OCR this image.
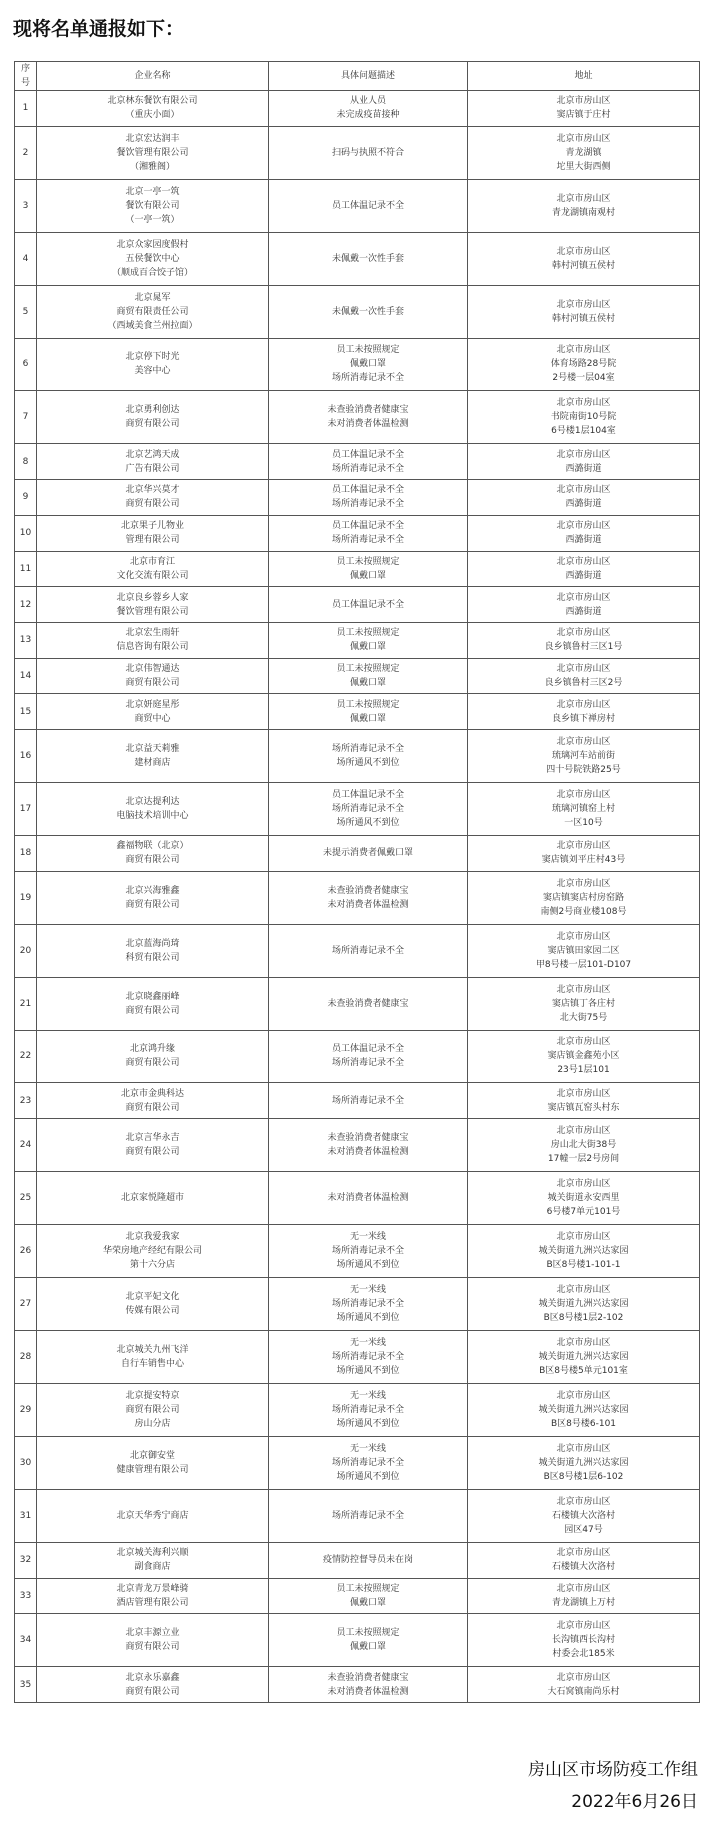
现将名单通报如下：
序号	企业名称	具体问题描述	地址
1	北京林东餐饮有限公司
（重庆小面）	从业人员
未完成疫苗接种	北京市房山区
窦店镇于庄村
2	北京宏达润丰
餐饮管理有限公司
（湘雅阁）	扫码与执照不符合	北京市房山区
青龙湖镇
坨里大街西侧
3	北京一亭一筑
餐饮有限公司
（一亭一筑）	员工体温记录不全	北京市房山区
青龙湖镇南观村
4	北京众家园度假村
五侯餐饮中心
（顺成百合饺子馆）	未佩戴一次性手套	北京市房山区
韩村河镇五侯村
5	北京晁军
商贸有限责任公司
（西域美食兰州拉面）	未佩戴一次性手套	北京市房山区
韩村河镇五侯村
6	北京停下时光
美容中心	员工未按照规定
佩戴口罩
场所消毒记录不全	北京市房山区
体育场路28号院
2号楼一层04室
7	北京勇利创达
商贸有限公司	未查验消费者健康宝
未对消费者体温检测	北京市房山区
书院南街10号院
6号楼1层104室
8	北京艺鸿天成
广告有限公司	员工体温记录不全
场所消毒记录不全	北京市房山区
西潞街道
9	北京华兴莫才
商贸有限公司	员工体温记录不全
场所消毒记录不全	北京市房山区
西潞街道
10	北京果子儿物业
管理有限公司	员工体温记录不全
场所消毒记录不全	北京市房山区
西潞街道
11	北京市育江
文化交流有限公司	员工未按照规定
佩戴口罩	北京市房山区
西潞街道
12	北京良乡蓉乡人家
餐饮管理有限公司	员工体温记录不全	北京市房山区
西潞街道
13	北京宏生雨轩
信息咨询有限公司	员工未按照规定
佩戴口罩	北京市房山区
良乡镇鲁村三区1号
14	北京伟智通达
商贸有限公司	员工未按照规定
佩戴口罩	北京市房山区
良乡镇鲁村三区2号
15	北京妍庭星彤
商贸中心	员工未按照规定
佩戴口罩	北京市房山区
良乡镇下禅房村
16	北京益天莉雅
建材商店	场所消毒记录不全
场所通风不到位	北京市房山区
琉璃河车站前街
四十号院铁路25号
17	北京达提利达
电脑技术培训中心	员工体温记录不全
场所消毒记录不全
场所通风不到位	北京市房山区
琉璃河镇窑上村
一区10号
18	鑫福物联（北京）
商贸有限公司	未提示消费者佩戴口罩	北京市房山区
窦店镇刘平庄村43号
19	北京兴海雅鑫
商贸有限公司	未查验消费者健康宝
未对消费者体温检测	北京市房山区
窦店镇窦店村房窑路
南侧2号商业楼108号
20	北京蓝海尚琦
科贸有限公司	场所消毒记录不全	北京市房山区
窦店镇田家园二区
甲8号楼一层101-D107
21	北京晓鑫丽峰
商贸有限公司	未查验消费者健康宝	北京市房山区
窦店镇丁各庄村
北大街75号
22	北京鸿升缘
商贸有限公司	员工体温记录不全
场所消毒记录不全	北京市房山区
窦店镇金鑫苑小区
23号1层101
23	北京市金典科达
商贸有限公司	场所消毒记录不全	北京市房山区
窦店镇瓦窑头村东
24	北京言华永吉
商贸有限公司	未查验消费者健康宝
未对消费者体温检测	北京市房山区
房山北大街38号
17幢一层2号房间
25	北京家悦隆超市	未对消费者体温检测	北京市房山区
城关街道永安西里
6号楼7单元101号
26	北京我爱我家
华荣房地产经纪有限公司
第十六分店	无一米线
场所消毒记录不全
场所通风不到位	北京市房山区
城关街道九洲兴达家园
B区8号楼1-101-1
27	北京平妃文化
传媒有限公司	无一米线
场所消毒记录不全
场所通风不到位	北京市房山区
城关街道九洲兴达家园
B区8号楼1层2-102
28	北京城关九州飞洋
自行车销售中心	无一米线
场所消毒记录不全
场所通风不到位	北京市房山区
城关街道九洲兴达家园
B区8号楼5单元101室
29	北京提安特京
商贸有限公司
房山分店	无一米线
场所消毒记录不全
场所通风不到位	北京市房山区
城关街道九洲兴达家园
B区8号楼6-101
30	北京御安堂
健康管理有限公司	无一米线
场所消毒记录不全
场所通风不到位	北京市房山区
城关街道九洲兴达家园
B区8号楼1层6-102
31	北京天华秀宁商店	场所消毒记录不全	北京市房山区
石楼镇大次洛村
园区47号
32	北京城关海利兴顺
副食商店	疫情防控督导员未在岗	北京市房山区
石楼镇大次洛村
33	北京青龙万景峰骑
酒店管理有限公司	员工未按照规定
佩戴口罩	北京市房山区
青龙湖镇上万村
34	北京丰源立业
商贸有限公司	员工未按照规定
佩戴口罩	北京市房山区
长沟镇西长沟村
村委会北185米
35	北京永乐嘉鑫
商贸有限公司	未查验消费者健康宝
未对消费者体温检测	北京市房山区
大石窝镇南尚乐村
房山区市场防疫工作组
2022年6月26日
